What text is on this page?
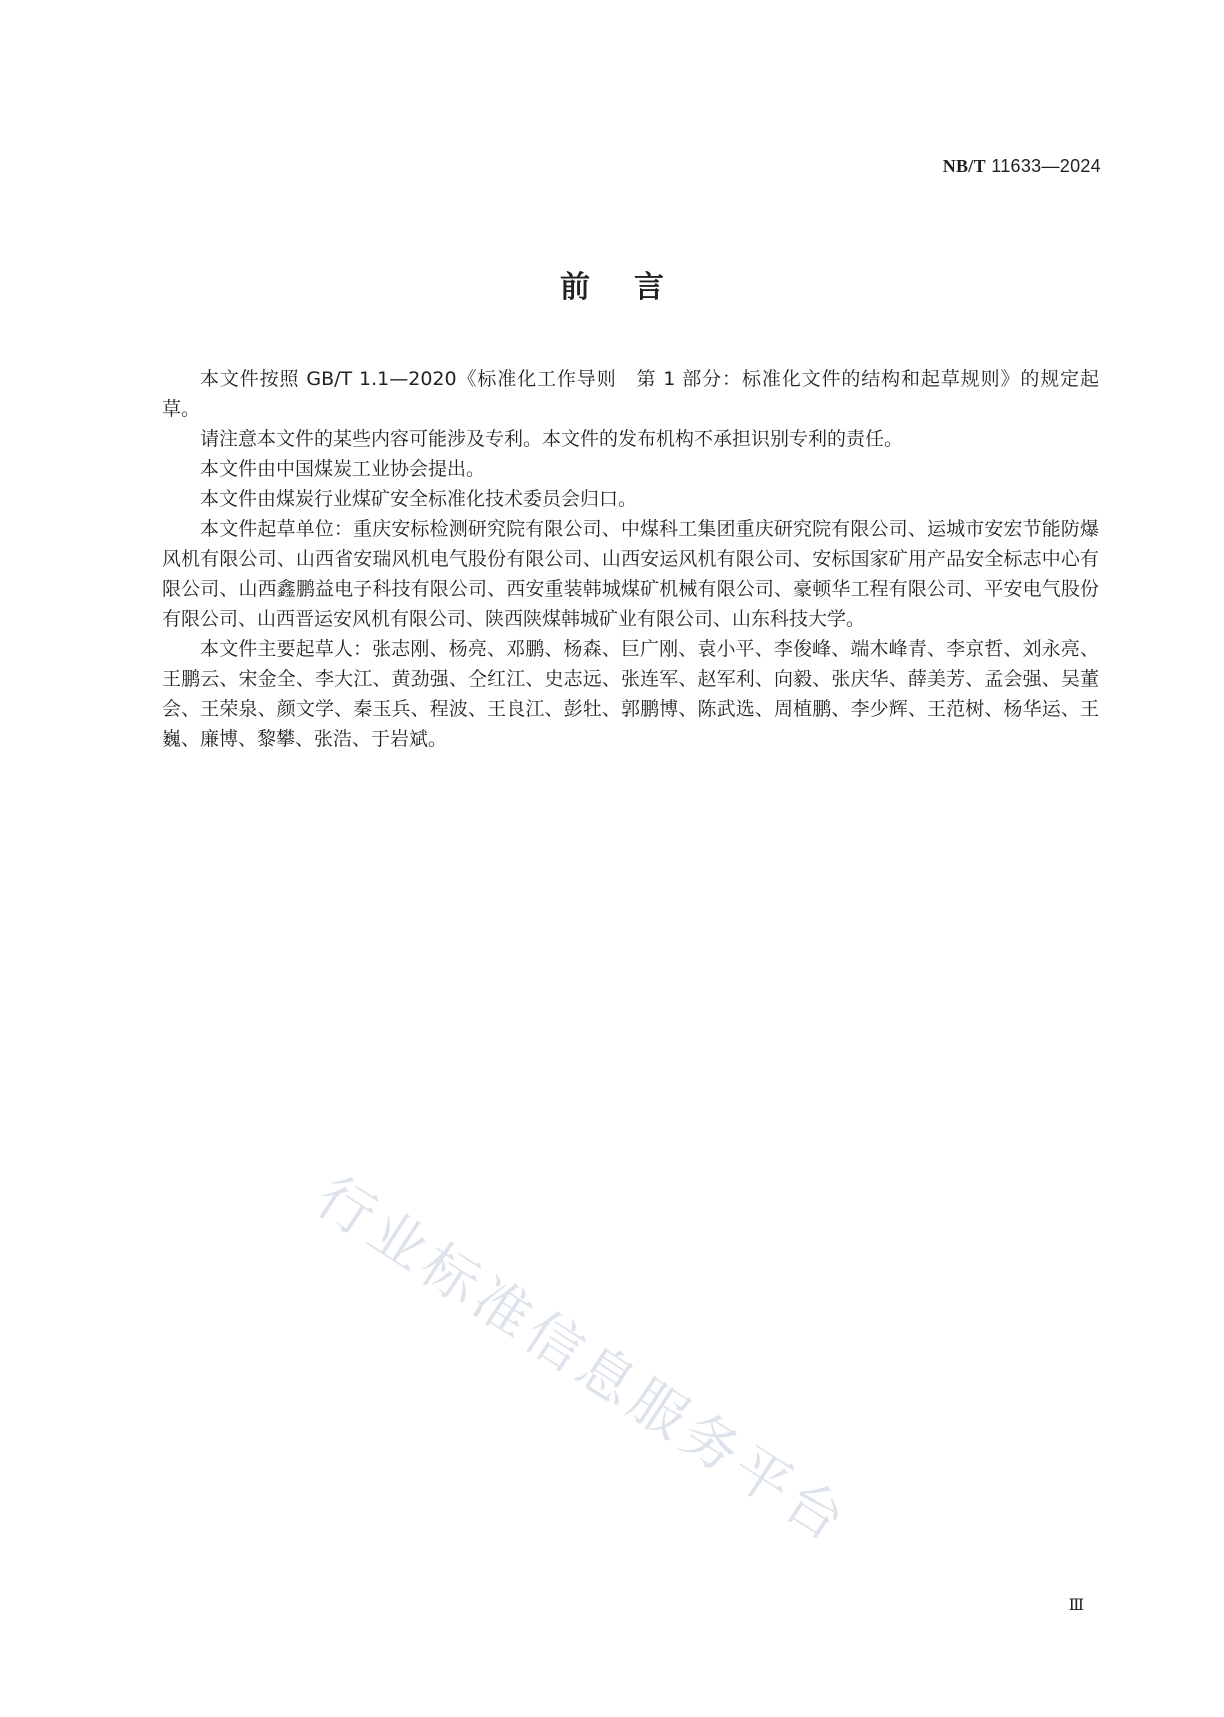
NB/T 11633—2024
前言

本文件按照 GB/T 1.1—2020《标准化工作导则　第 1 部分：标准化文件的结构和起草规则》的规定起草。

请注意本文件的某些内容可能涉及专利。本文件的发布机构不承担识别专利的责任。

本文件由中国煤炭工业协会提出。

本文件由煤炭行业煤矿安全标准化技术委员会归口。

本文件起草单位：重庆安标检测研究院有限公司、中煤科工集团重庆研究院有限公司、运城市安宏节能防爆风机有限公司、山西省安瑞风机电气股份有限公司、山西安运风机有限公司、安标国家矿用产品安全标志中心有限公司、山西鑫鹏益电子科技有限公司、西安重装韩城煤矿机械有限公司、豪顿华工程有限公司、平安电气股份有限公司、山西晋运安风机有限公司、陕西陕煤韩城矿业有限公司、山东科技大学。

本文件主要起草人：张志刚、杨亮、邓鹏、杨森、巨广刚、袁小平、李俊峰、端木峰青、李京哲、刘永亮、王鹏云、宋金全、李大江、黄劲强、仝红江、史志远、张连军、赵军利、向毅、张庆华、薛美芳、孟会强、吴董会、王荣泉、颜文学、秦玉兵、程波、王良江、彭牡、郭鹏博、陈武选、周植鹏、李少辉、王范树、杨华运、王巍、廉博、黎攀、张浩、于岩斌。

行业标准信息服务平台
Ⅲ
